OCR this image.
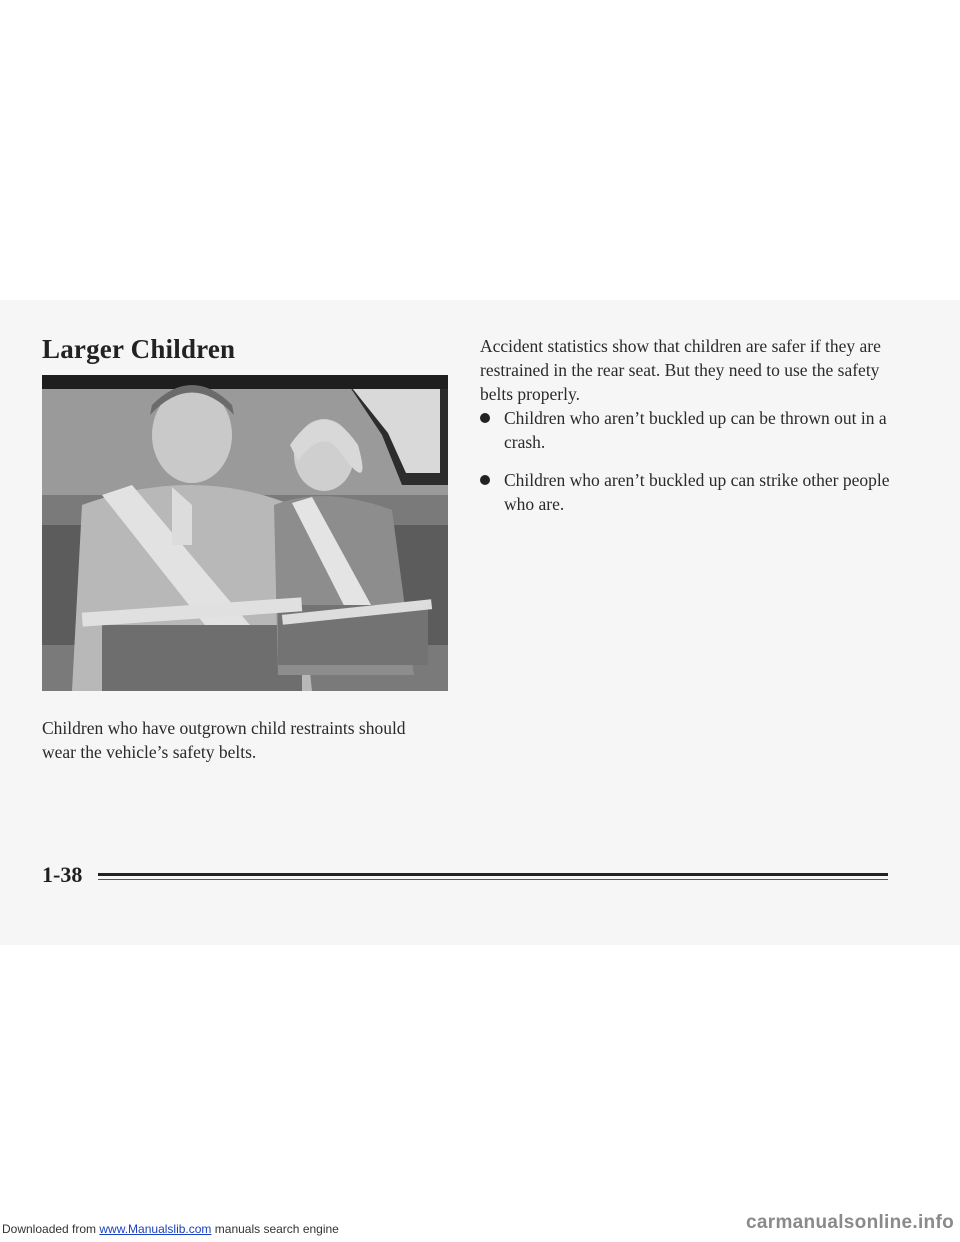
Larger Children

Children who have outgrown child restraints should wear the vehicle’s safety belts.

Accident statistics show that children are safer if they are restrained in the rear seat. But they need to use the safety belts properly.

Children who aren’t buckled up can be thrown out in a crash.
Children who aren’t buckled up can strike other people who are.

1-38

Downloaded from www.Manualslib.com manuals search engine	carmanualsonline.info
